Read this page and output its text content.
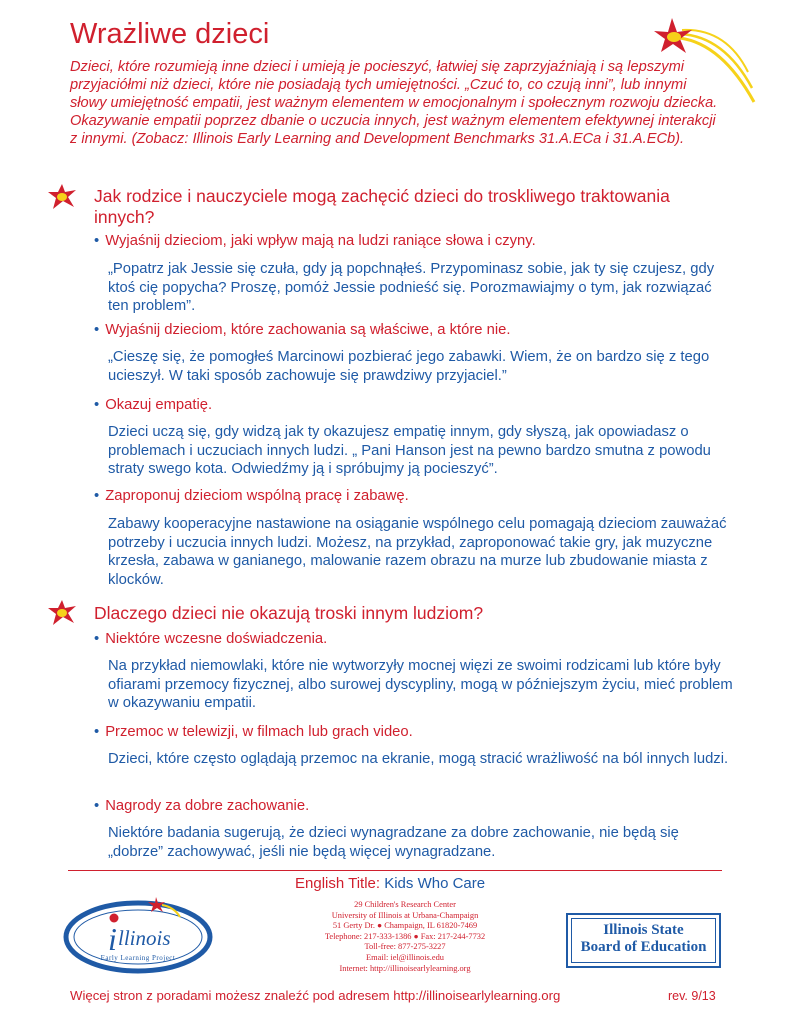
Wrażliwe dzieci

Dzieci, które rozumieją inne dzieci i umieją je pocieszyć, łatwiej się zaprzyjaźniają i są lepszymi przyjaciółmi niż dzieci, które nie posiadają tych umiejętności. „Czuć to, co czują inni”, lub innymi słowy umiejętność empatii, jest ważnym elementem w emocjonalnym i społecznym rozwoju dziecka. Okazywanie empatii poprzez dbanie o uczucia innych, jest ważnym elementem efektywnej interakcji z innymi. (Zobacz: Illinois Early Learning and Development Benchmarks 31.A.ECa i 31.A.ECb).

Jak rodzice i nauczyciele mogą zachęcić dzieci do troskliwego traktowania innych?

• Wyjaśnij dzieciom, jaki wpływ mają na ludzi raniące słowa i czyny.

„Popatrz jak Jessie się czuła, gdy ją popchnąłeś. Przypominasz sobie, jak ty się czujesz, gdy ktoś cię popycha? Proszę, pomóż Jessie podnieść się. Porozmawiajmy o tym, jak rozwiązać ten problem”.

• Wyjaśnij dzieciom, które zachowania są właściwe, a które nie.

„Cieszę się, że pomogłeś Marcinowi pozbierać jego zabawki. Wiem, że on bardzo się z tego ucieszył. W taki sposób zachowuje się prawdziwy przyjaciel.”

• Okazuj empatię.

Dzieci uczą się, gdy widzą jak ty okazujesz empatię innym, gdy słyszą, jak opowiadasz o problemach i uczuciach innych ludzi. „ Pani Hanson jest na pewno bardzo smutna z powodu straty swego kota. Odwiedźmy ją i spróbujmy ją pocieszyć”.

• Zaproponuj dzieciom wspólną pracę i zabawę.

Zabawy kooperacyjne nastawione na osiąganie wspólnego celu pomagają dzieciom zauważać potrzeby i uczucia innych ludzi. Możesz, na przykład, zaproponować takie gry, jak muzyczne krzesła, zabawa w ganianego, malowanie razem obrazu na murze lub zbudowanie miasta z klocków.

Dlaczego dzieci nie okazują troski innym ludziom?

• Niektóre wczesne doświadczenia.

Na przykład niemowlaki, które nie wytworzyły mocnej więzi ze swoimi rodzicami lub które były ofiarami przemocy fizycznej, albo surowej dyscypliny, mogą w późniejszym życiu, mieć problem w okazywaniu empatii.

• Przemoc w telewizji, w filmach lub grach video.

Dzieci, które często oglądają przemoc na ekranie, mogą stracić wrażliwość na ból innych ludzi.

• Nagrody za dobre zachowanie.

Niektóre badania sugerują, że dzieci wynagradzane za dobre zachowanie, nie będą się „dobrze” zachowywać, jeśli nie będą więcej wynagradzane.

English Title: Kids Who Care

i llinois
Early Learning Project

29 Children's Research Center
University of Illinois at Urbana-Champaign
51 Gerty Dr. ● Champaign, IL 61820-7469
Telephone: 217-333-1386 ● Fax: 217-244-7732
Toll-free: 877-275-3227
Email: iel@illinois.edu
Internet: http://illinoisearlylearning.org

Illinois State
Board of Education

Więcej stron z poradami możesz znaleźć pod adresem http://illinoisearlylearning.org	rev. 9/13
